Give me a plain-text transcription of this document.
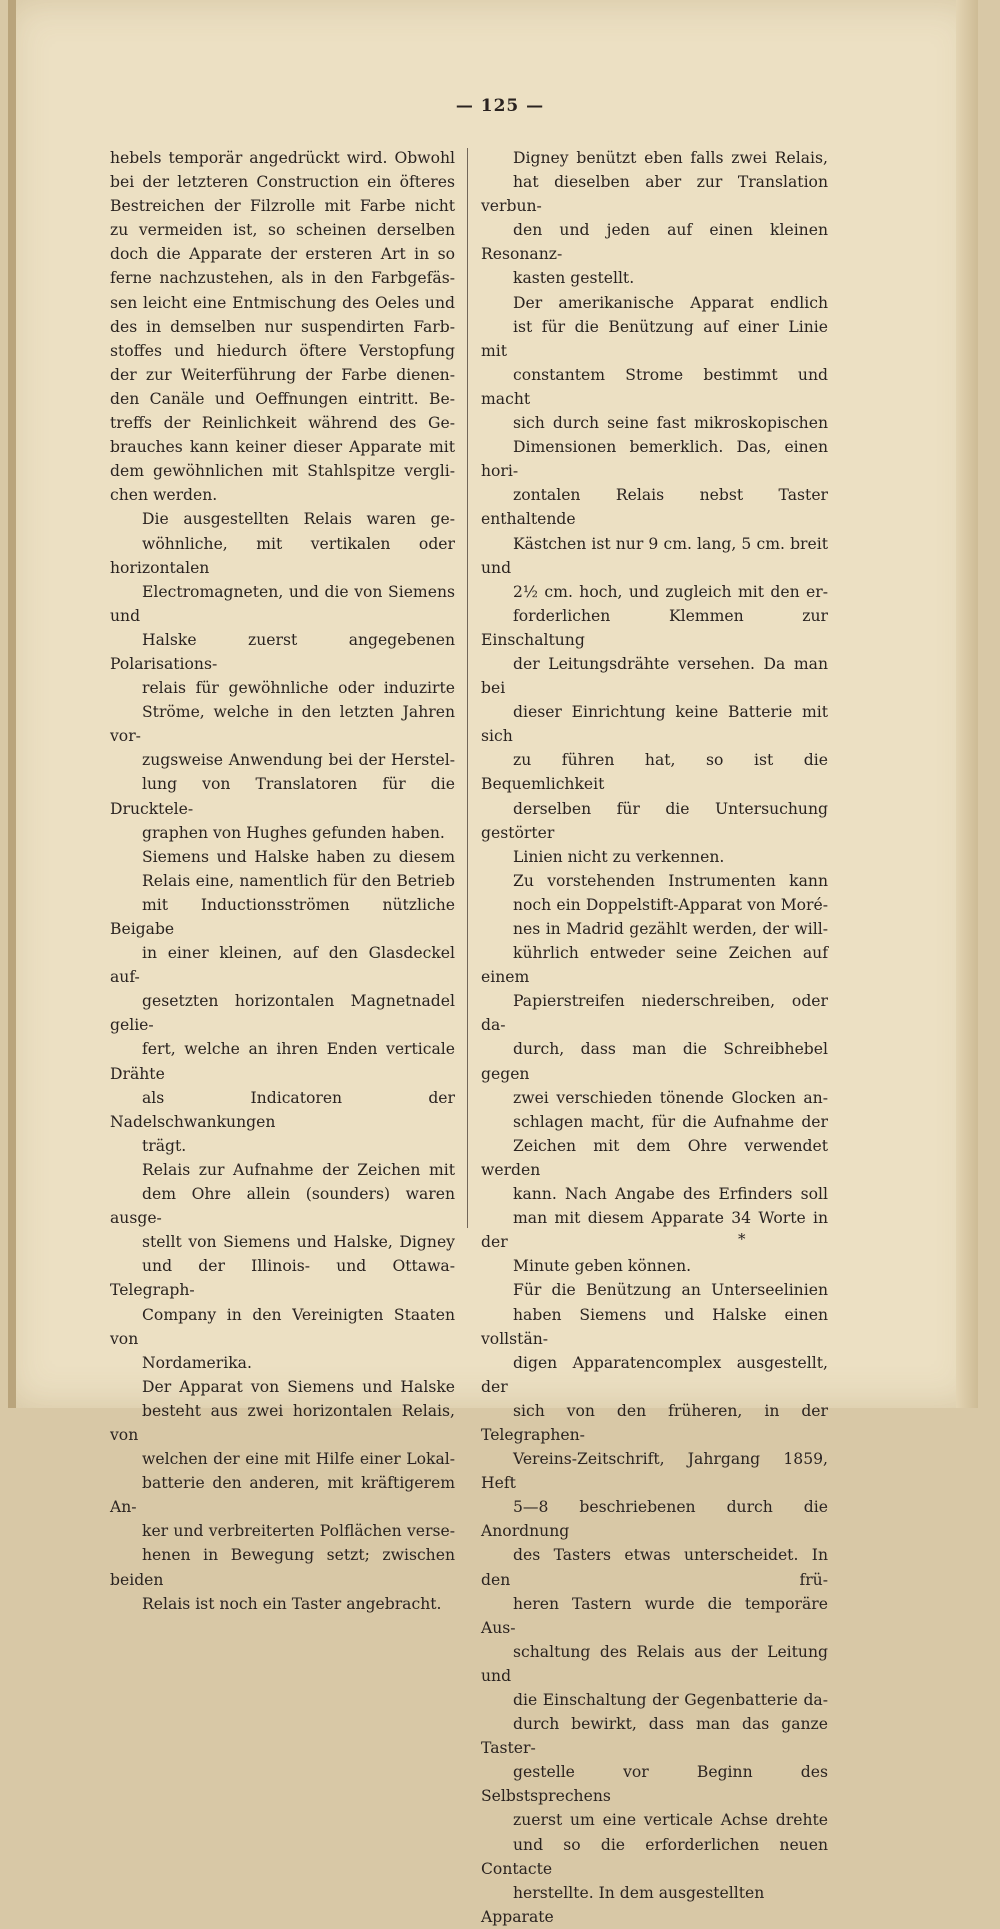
— 125 —

hebels temporär angedrückt wird. Obwohl
bei der letzteren Construction ein öfteres
Bestreichen der Filzrolle mit Farbe nicht
zu vermeiden ist, so scheinen derselben
doch die Apparate der ersteren Art in so
ferne nachzustehen, als in den Farbgefäs-
sen leicht eine Entmischung des Oeles und
des in demselben nur suspendirten Farb-
stoffes und hiedurch öftere Verstopfung
der zur Weiterführung der Farbe dienen-
den Canäle und Oeffnungen eintritt. Be-
treffs der Reinlichkeit während des Ge-
brauches kann keiner dieser Apparate mit
dem gewöhnlichen mit Stahlspitze vergli-
chen werden.

Die ausgestellten Relais waren ge-
wöhnliche, mit vertikalen oder horizontalen
Electromagneten, und die von Siemens und
Halske zuerst angegebenen Polarisations-
relais für gewöhnliche oder induzirte
Ströme, welche in den letzten Jahren vor-
zugsweise Anwendung bei der Herstel-
lung von Translatoren für die Drucktele-
graphen von Hughes gefunden haben.

Siemens und Halske haben zu diesem
Relais eine, namentlich für den Betrieb
mit Inductionsströmen nützliche Beigabe
in einer kleinen, auf den Glasdeckel auf-
gesetzten horizontalen Magnetnadel gelie-
fert, welche an ihren Enden verticale Drähte
als Indicatoren der Nadelschwankungen
trägt.

Relais zur Aufnahme der Zeichen mit
dem Ohre allein (sounders) waren ausge-
stellt von Siemens und Halske, Digney
und der Illinois- und Ottawa- Telegraph-
Company in den Vereinigten Staaten von
Nordamerika.

Der Apparat von Siemens und Halske
besteht aus zwei horizontalen Relais, von
welchen der eine mit Hilfe einer Lokal-
batterie den anderen, mit kräftigerem An-
ker und verbreiterten Polflächen verse-
henen in Bewegung setzt; zwischen beiden
Relais ist noch ein Taster angebracht.

Digney benützt eben falls zwei Relais,
hat dieselben aber zur Translation verbun-
den und jeden auf einen kleinen Resonanz-
kasten gestellt.

Der amerikanische Apparat endlich
ist für die Benützung auf einer Linie mit
constantem Strome bestimmt und macht
sich durch seine fast mikroskopischen
Dimensionen bemerklich. Das, einen hori-
zontalen Relais nebst Taster enthaltende
Kästchen ist nur 9 cm. lang, 5 cm. breit und
2½ cm. hoch, und zugleich mit den er-
forderlichen Klemmen zur Einschaltung
der Leitungsdrähte versehen. Da man bei
dieser Einrichtung keine Batterie mit sich
zu führen hat, so ist die Bequemlichkeit
derselben für die Untersuchung gestörter
Linien nicht zu verkennen.

Zu vorstehenden Instrumenten kann
noch ein Doppelstift-Apparat von Moré-
nes in Madrid gezählt werden, der will-
kührlich entweder seine Zeichen auf einem
Papierstreifen niederschreiben, oder da-
durch, dass man die Schreibhebel gegen
zwei verschieden tönende Glocken an-
schlagen macht, für die Aufnahme der
Zeichen mit dem Ohre verwendet werden
kann. Nach Angabe des Erfinders soll
man mit diesem Apparate 34 Worte in der
Minute geben können.

Für die Benützung an Unterseelinien
haben Siemens und Halske einen vollstän-
digen Apparatencomplex ausgestellt, der
sich von den früheren, in der Telegraphen-
Vereins-Zeitschrift, Jahrgang 1859, Heft
5—8 beschriebenen durch die Anordnung
des Tasters etwas unterscheidet. In den frü-
heren Tastern wurde die temporäre Aus-
schaltung des Relais aus der Leitung und
die Einschaltung der Gegenbatterie da-
durch bewirkt, dass man das ganze Taster-
gestelle vor Beginn des Selbstsprechens
zuerst um eine verticale Achse drehte
und so die erforderlichen neuen Contacte
herstellte. In dem ausgestellten Apparate

*
